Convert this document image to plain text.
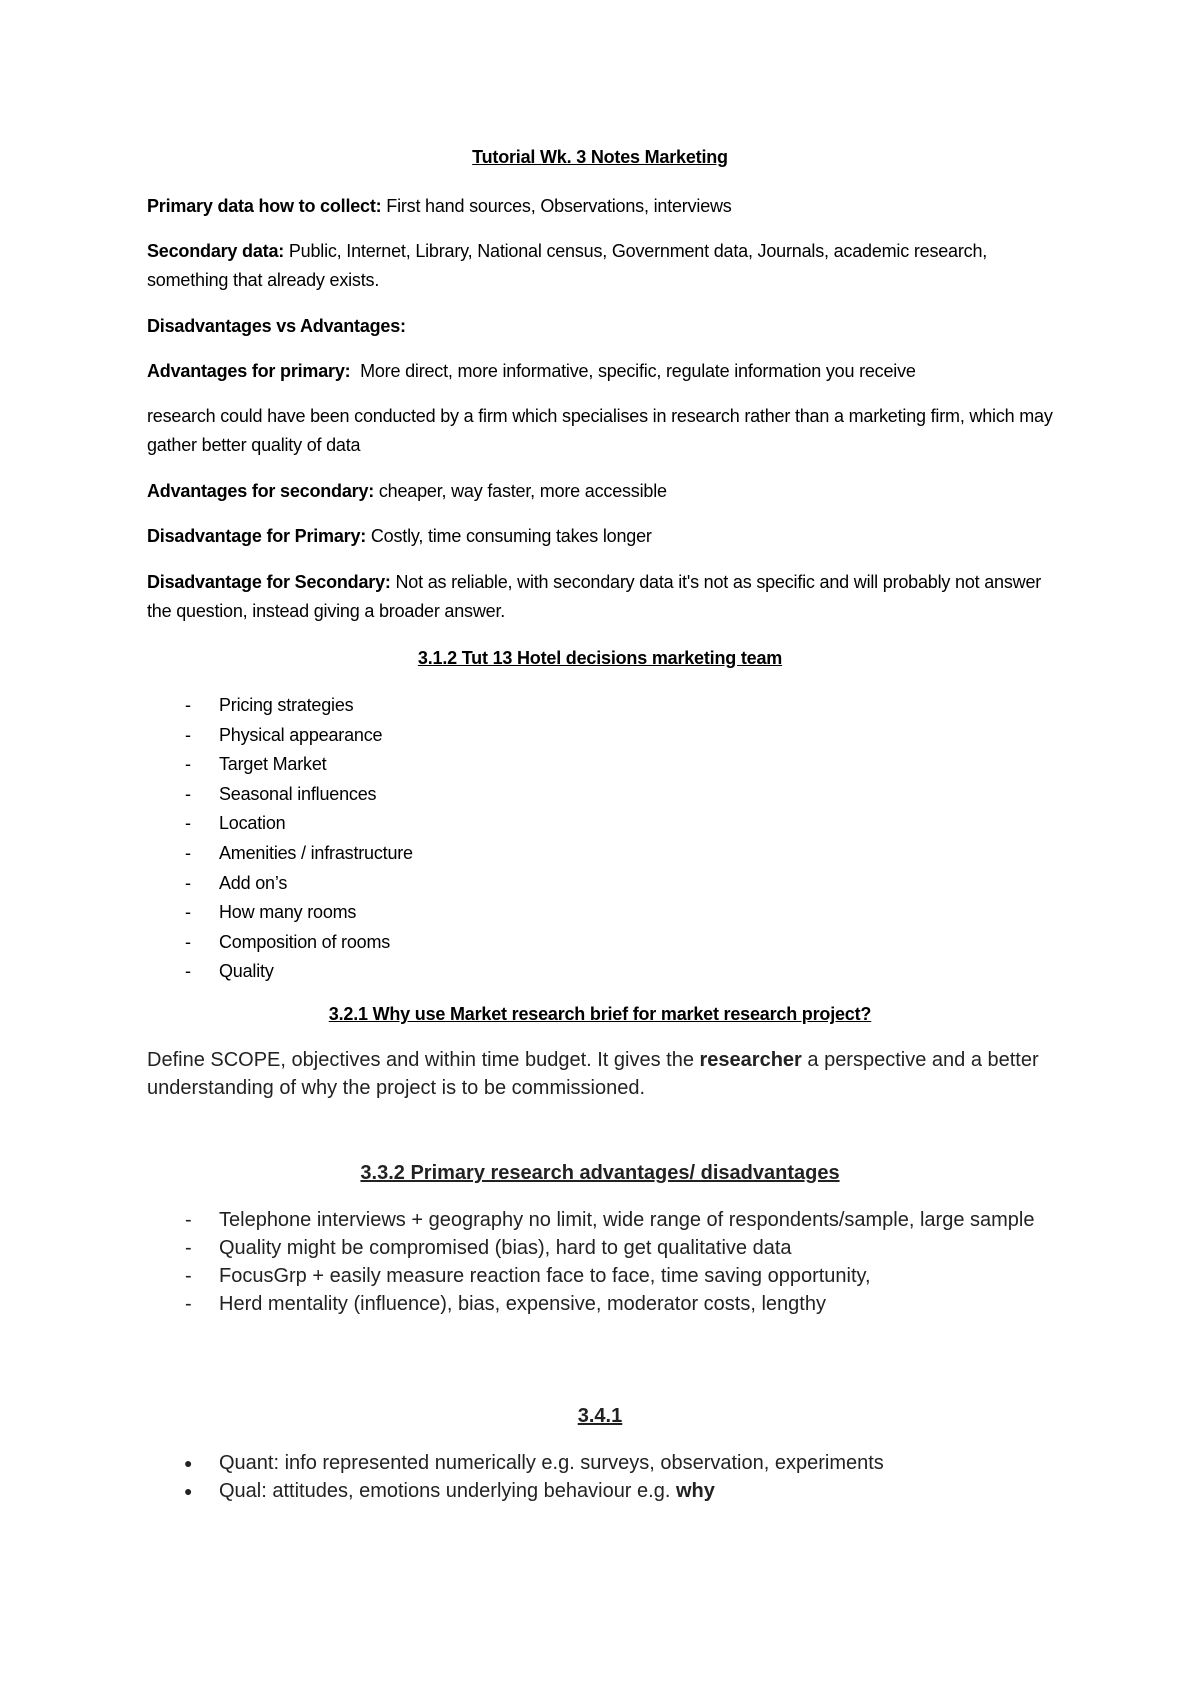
Tutorial Wk. 3 Notes Marketing
Primary data how to collect: First hand sources, Observations, interviews
Secondary data: Public, Internet, Library, National census, Government data, Journals, academic research, something that already exists.
Disadvantages vs Advantages:
Advantages for primary:  More direct, more informative, specific, regulate information you receive
research could have been conducted by a firm which specialises in research rather than a marketing firm, which may gather better quality of data
Advantages for secondary: cheaper, way faster, more accessible
Disadvantage for Primary: Costly, time consuming takes longer
Disadvantage for Secondary: Not as reliable, with secondary data it's not as specific and will probably not answer the question, instead giving a broader answer.
3.1.2 Tut 13 Hotel decisions marketing team
- Pricing strategies
- Physical appearance
- Target Market
- Seasonal influences
- Location
- Amenities / infrastructure
- Add on’s
- How many rooms
- Composition of rooms
- Quality
3.2.1 Why use Market research brief for market research project?
Define SCOPE, objectives and within time budget. It gives the researcher a perspective and a better understanding of why the project is to be commissioned.
3.3.2 Primary research advantages/ disadvantages
- Telephone interviews + geography no limit, wide range of respondents/sample, large sample
- Quality might be compromised (bias), hard to get qualitative data
- FocusGrp + easily measure reaction face to face, time saving opportunity,
- Herd mentality (influence), bias, expensive, moderator costs, lengthy
3.4.1
● Quant: info represented numerically e.g. surveys, observation, experiments
● Qual: attitudes, emotions underlying behaviour e.g. why
